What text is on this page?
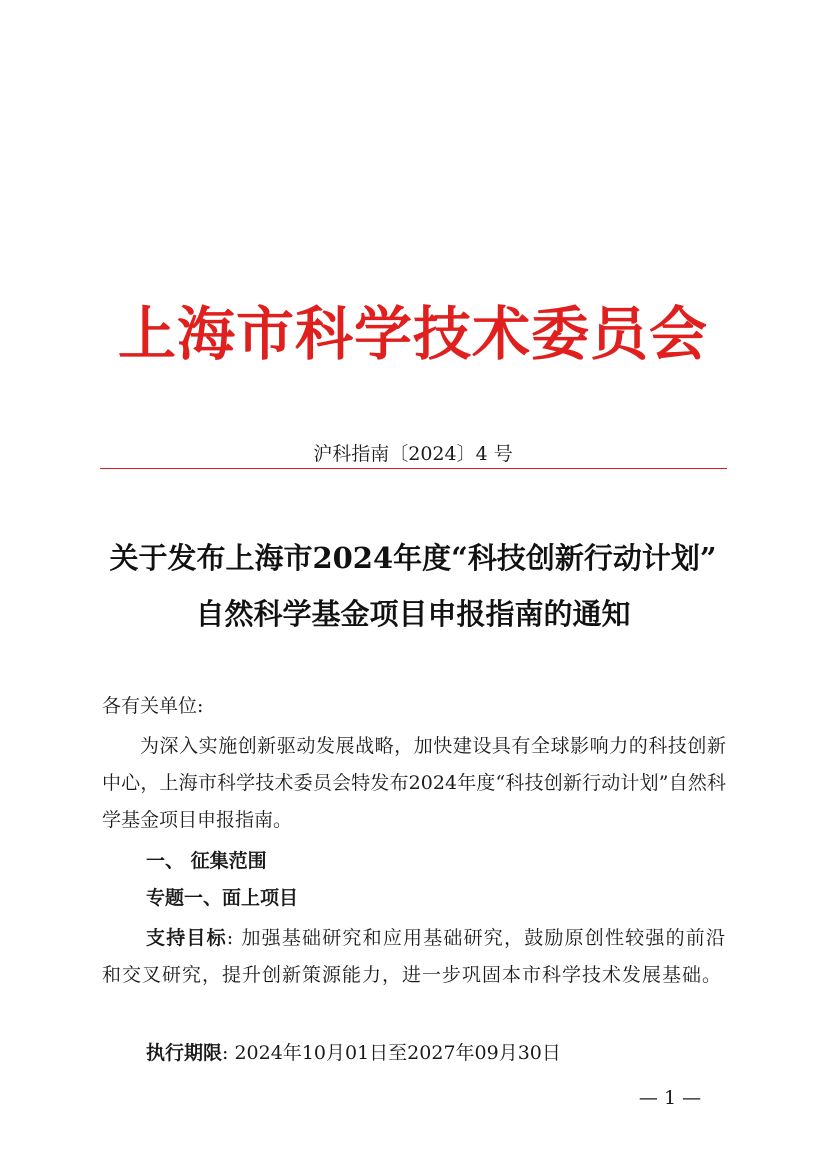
上海市科学技术委员会
沪科指南〔2024〕4 号
关于发布上海市2024年度“科技创新行动计划”
自然科学基金项目申报指南的通知
各有关单位:
为深入实施创新驱动发展战略，加快建设具有全球影响力的科技创新中心，上海市科学技术委员会特发布2024年度“科技创新行动计划”自然科学基金项目申报指南。
一、 征集范围
专题一、面上项目
支持目标: 加强基础研究和应用基础研究，鼓励原创性较强的前沿和交叉研究，提升创新策源能力，进一步巩固本市科学技术发展基础。
执行期限: 2024年10月01日至2027年09月30日
— 1 —
